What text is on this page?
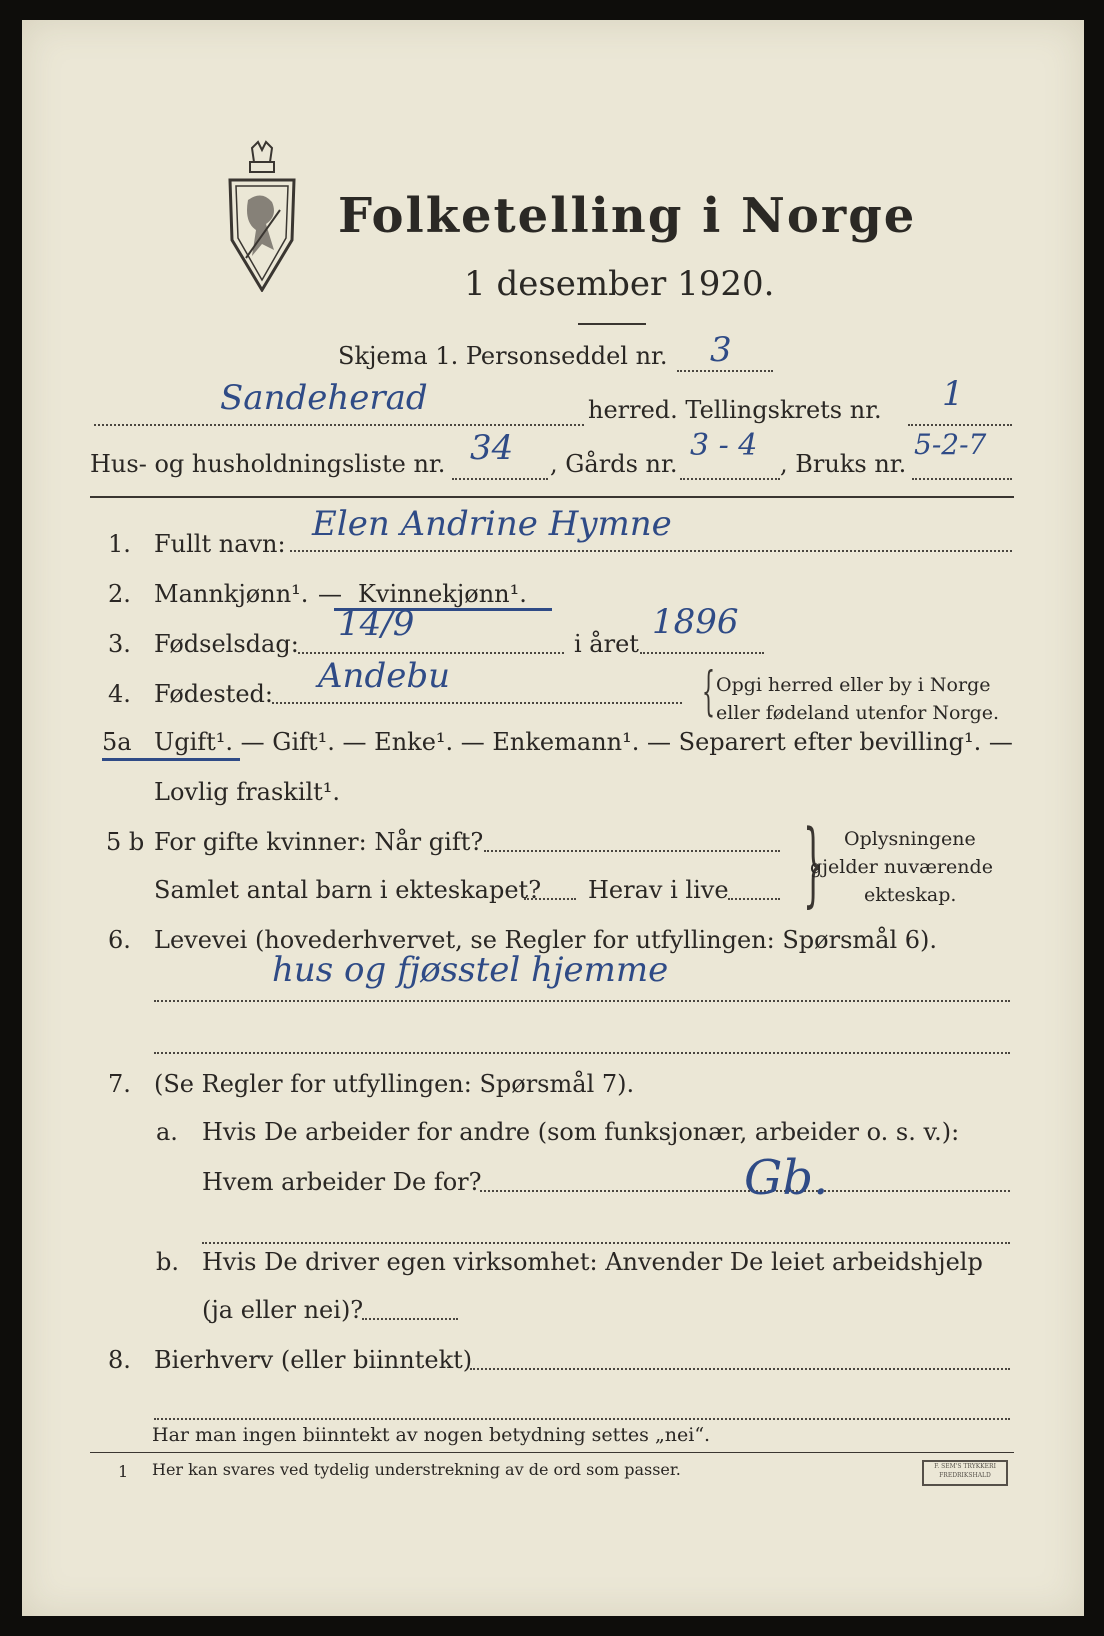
Folketelling i Norge
1 desember 1920.
Skjema 1. Personseddel nr. 3
Sandeherad	herred. Tellingskrets nr. 1
Hus- og husholdningsliste nr. 34 , Gårds nr.
3 - 4
, Bruks nr.
5-2-7
1. Fullt navn: Elen Andrine Hymne
2. Mannkjønn¹. — Kvinnekjønn¹.
3. Fødselsdag: 14/9	i året
1896
4. Fødested: Andebu	{ Opgi herred eller by i Norge
eller fødeland utenfor Norge.
5a Ugift¹. — Gift¹. — Enke¹. — Enkemann¹. — Separert efter bevilling¹. —
Lovlig fraskilt¹.
5 b For gifte kvinner: Når gift?
Samlet antal barn i ekteskapet? Herav i live } Oplysningene
gjelder nuværende
ekteskap.
6. Levevei (hovederhvervet, se Regler for utfyllingen: Spørsmål 6).
hus og fjøsstel hjemme
7. (Se Regler for utfyllingen: Spørsmål 7).
a. Hvis De arbeider for andre (som funksjonær, arbeider o. s. v.):
Hvem arbeider De for?	Gb.
b. Hvis De driver egen virksomhet: Anvender De leiet arbeidshjelp
(ja eller nei)?
8. Bierhverv (eller biinntekt)
Har man ingen biinntekt av nogen betydning settes „nei“.
1 Her kan svares ved tydelig understrekning av de ord som passer.	F. SEM'S TRYKKERI FREDRIKSHALD
